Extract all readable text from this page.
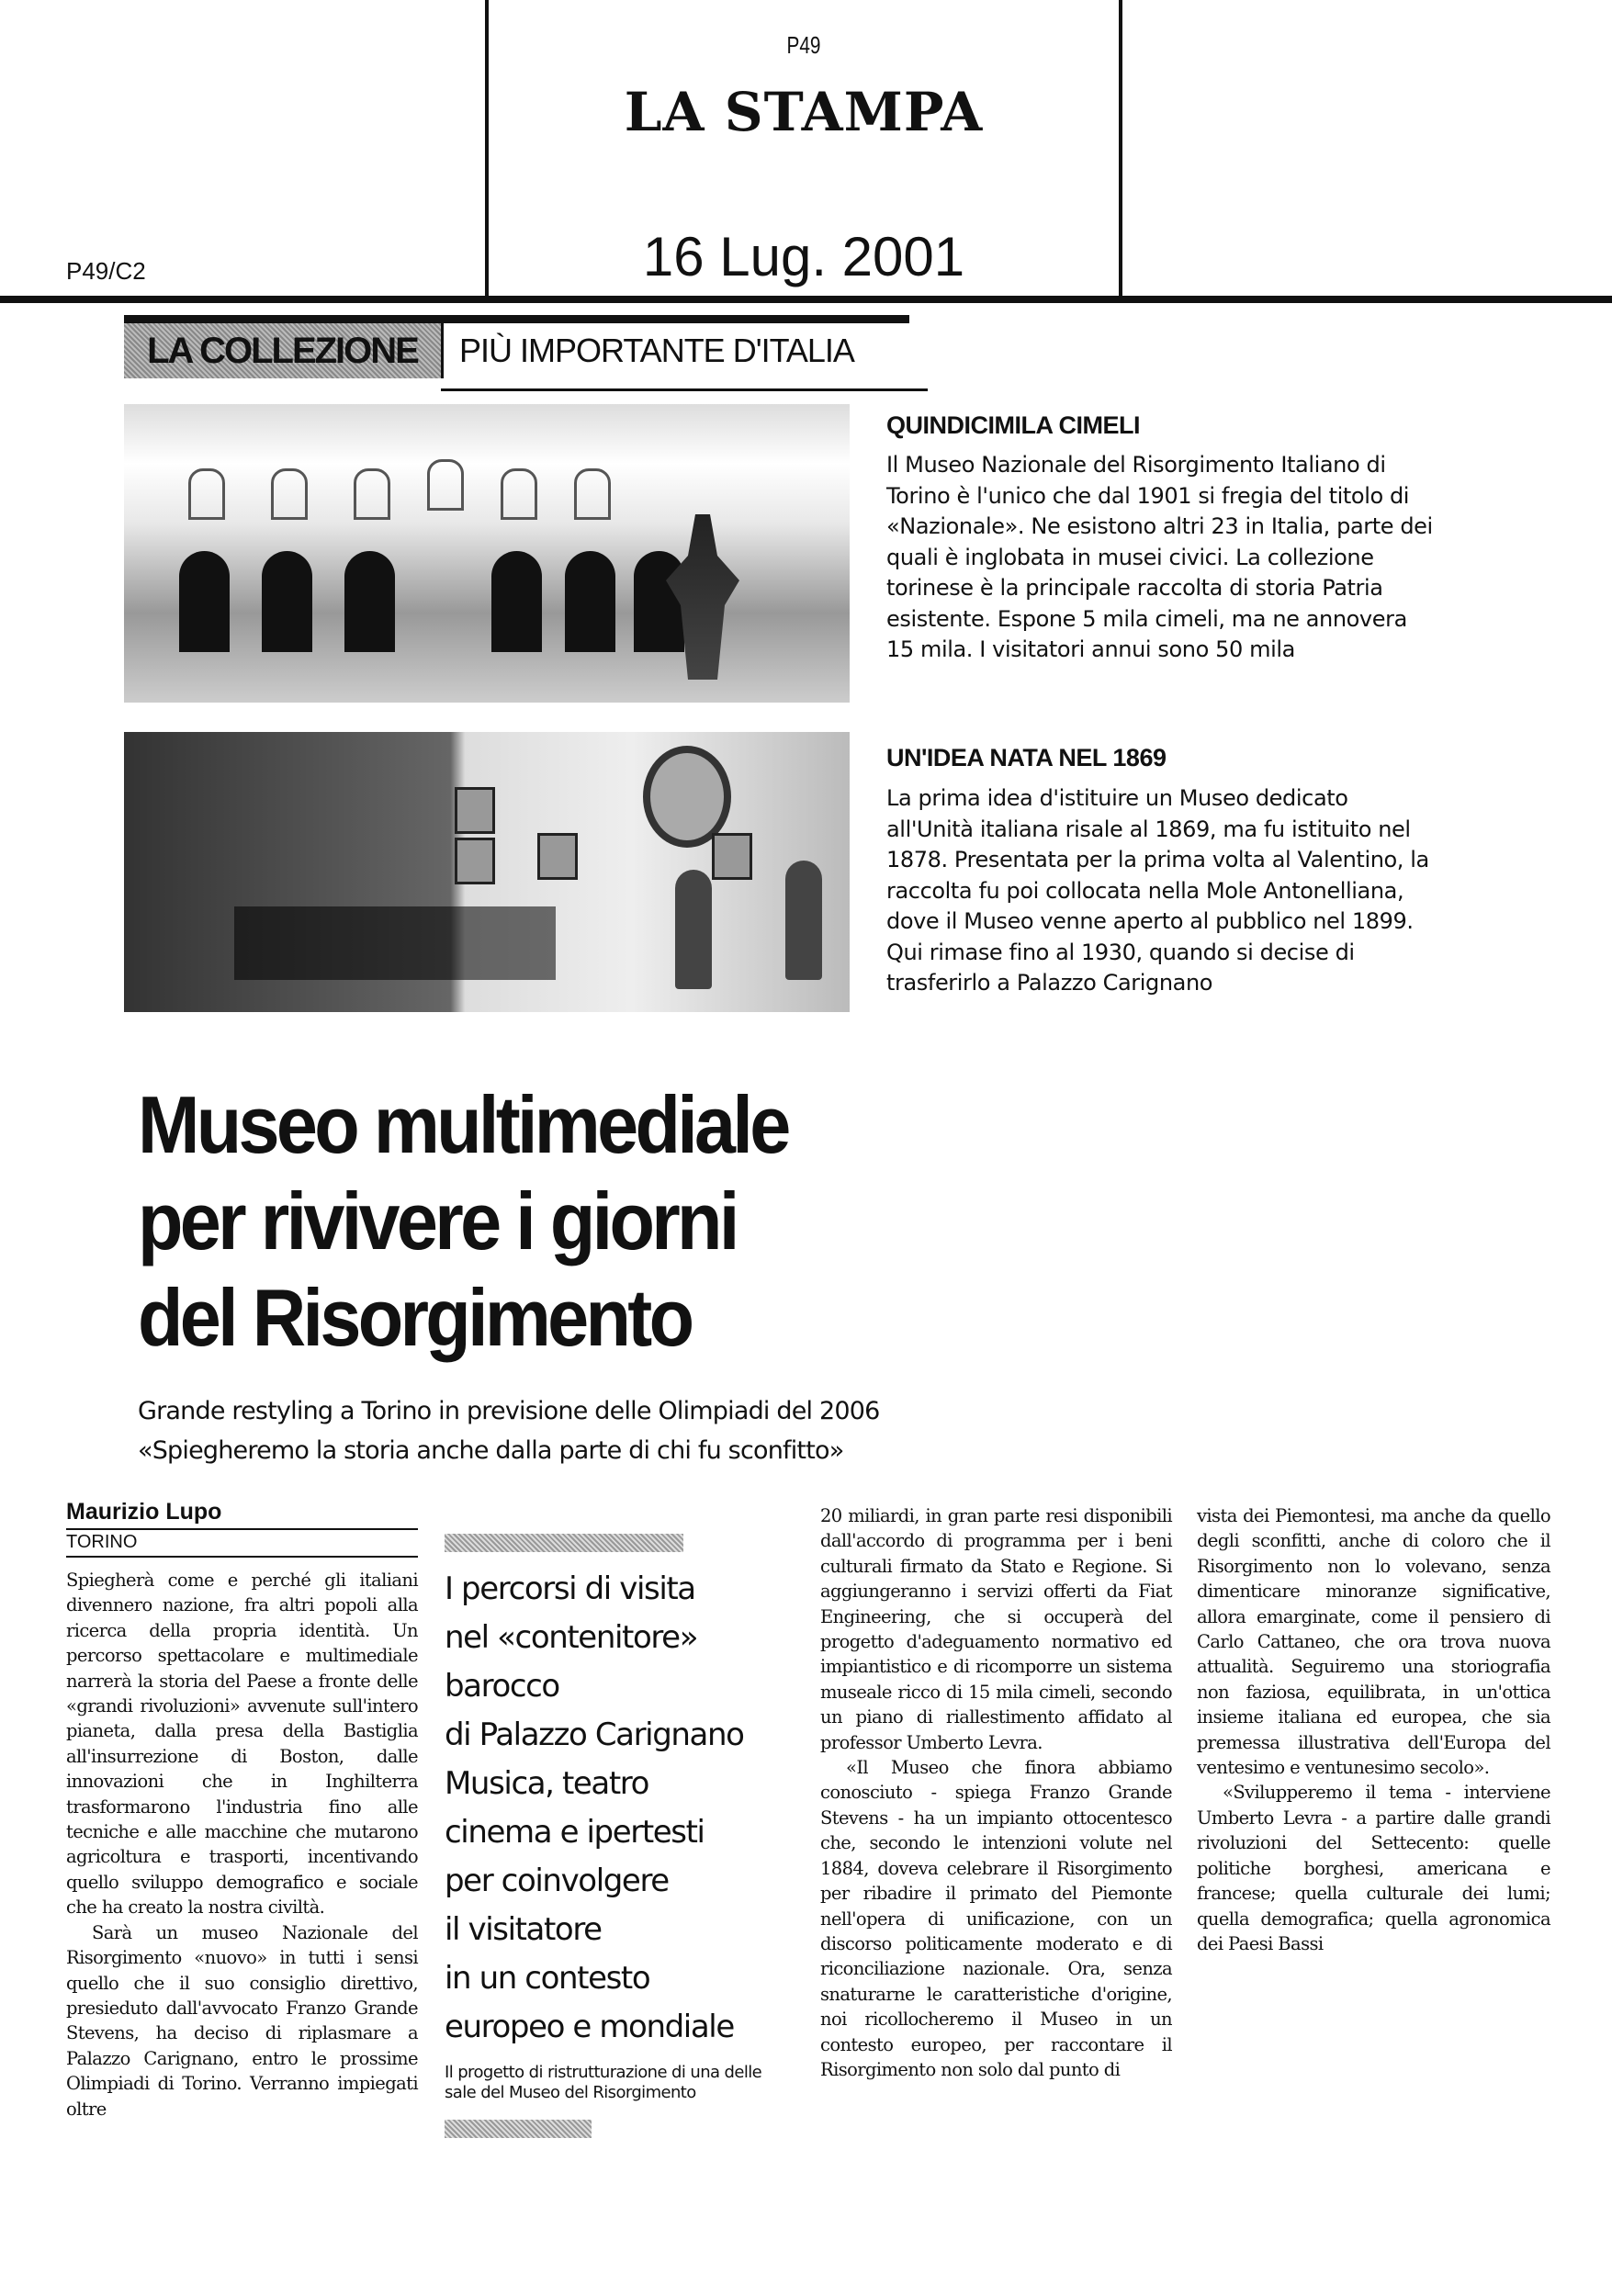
P49
LA STAMPA
16 Lug. 2001
P49/C2
LA COLLEZIONE	PIÙ IMPORTANTE D'ITALIA
QUINDICIMILA CIMELI
Il Museo Nazionale del Risorgimento Italiano di Torino è l'unico che dal 1901 si fregia del titolo di «Nazionale». Ne esistono altri 23 in Italia, parte dei quali è inglobata in musei civici. La collezione torinese è la principale raccolta di storia Patria esistente. Espone 5 mila cimeli, ma ne annovera 15 mila. I visitatori annui sono 50 mila
UN'IDEA NATA NEL 1869
La prima idea d'istituire un Museo dedicato all'Unità italiana risale al 1869, ma fu istituito nel 1878. Presentata per la prima volta al Valentino, la raccolta fu poi collocata nella Mole Antonelliana, dove il Museo venne aperto al pubblico nel 1899. Qui rimase fino al 1930, quando si decise di trasferirlo a Palazzo Carignano
Museo multimediale
per rivivere i giorni
del Risorgimento
Grande restyling a Torino in previsione delle Olimpiadi del 2006
«Spiegheremo la storia anche dalla parte di chi fu sconfitto»
Maurizio Lupo
TORINO

Spiegherà come e perché gli italiani divennero nazione, fra altri popoli alla ricerca della propria identità. Un percorso spettacolare e multimediale narrerà la storia del Paese a fronte delle «grandi rivoluzioni» avvenute sull'intero pianeta, dalla presa della Bastiglia all'insurrezione di Boston, dalle innovazioni che in Inghilterra trasformarono l'industria fino alle tecniche e alle macchine che mutarono agricoltura e trasporti, incentivando quello sviluppo demografico e sociale che ha creato la nostra civiltà.

Sarà un museo Nazionale del Risorgimento «nuovo» in tutti i sensi quello che il suo consiglio direttivo, presieduto dall'avvocato Franzo Grande Stevens, ha deciso di riplasmare a Palazzo Carignano, entro le prossime Olimpiadi di Torino. Verranno impiegati oltre

I percorsi di visita
nel «contenitore»
barocco
di Palazzo Carignano
Musica, teatro
cinema e ipertesti
per coinvolgere
il visitatore
in un contesto
europeo e mondiale
Il progetto di ristrutturazione di una delle sale del Museo del Risorgimento

20 miliardi, in gran parte resi disponibili dall'accordo di programma per i beni culturali firmato da Stato e Regione. Si aggiungeranno i servizi offerti da Fiat Engineering, che si occuperà del progetto d'adeguamento normativo ed impiantistico e di ricomporre un sistema museale ricco di 15 mila cimeli, secondo un piano di riallestimento affidato al professor Umberto Levra.

«Il Museo che finora abbiamo conosciuto - spiega Franzo Grande Stevens - ha un impianto ottocentesco che, secondo le intenzioni volute nel 1884, doveva celebrare il Risorgimento per ribadire il primato del Piemonte nell'opera di unificazione, con un discorso politicamente moderato e di riconciliazione nazionale. Ora, senza snaturarne le caratteristiche d'origine, noi ricollocheremo il Museo in un contesto europeo, per raccontare il Risorgimento non solo dal punto di

vista dei Piemontesi, ma anche da quello degli sconfitti, anche di coloro che il Risorgimento non lo volevano, senza dimenticare minoranze significative, allora emarginate, come il pensiero di Carlo Cattaneo, che ora trova nuova attualità. Seguiremo una storiografia non faziosa, equilibrata, in un'ottica insieme italiana ed europea, che sia premessa illustrativa dell'Europa del ventesimo e ventunesimo secolo».

«Svilupperemo il tema - interviene Umberto Levra - a partire dalle grandi rivoluzioni del Settecento: quelle politiche borghesi, americana e francese; quella culturale dei lumi; quella demografica; quella agronomica dei Paesi Bassi
